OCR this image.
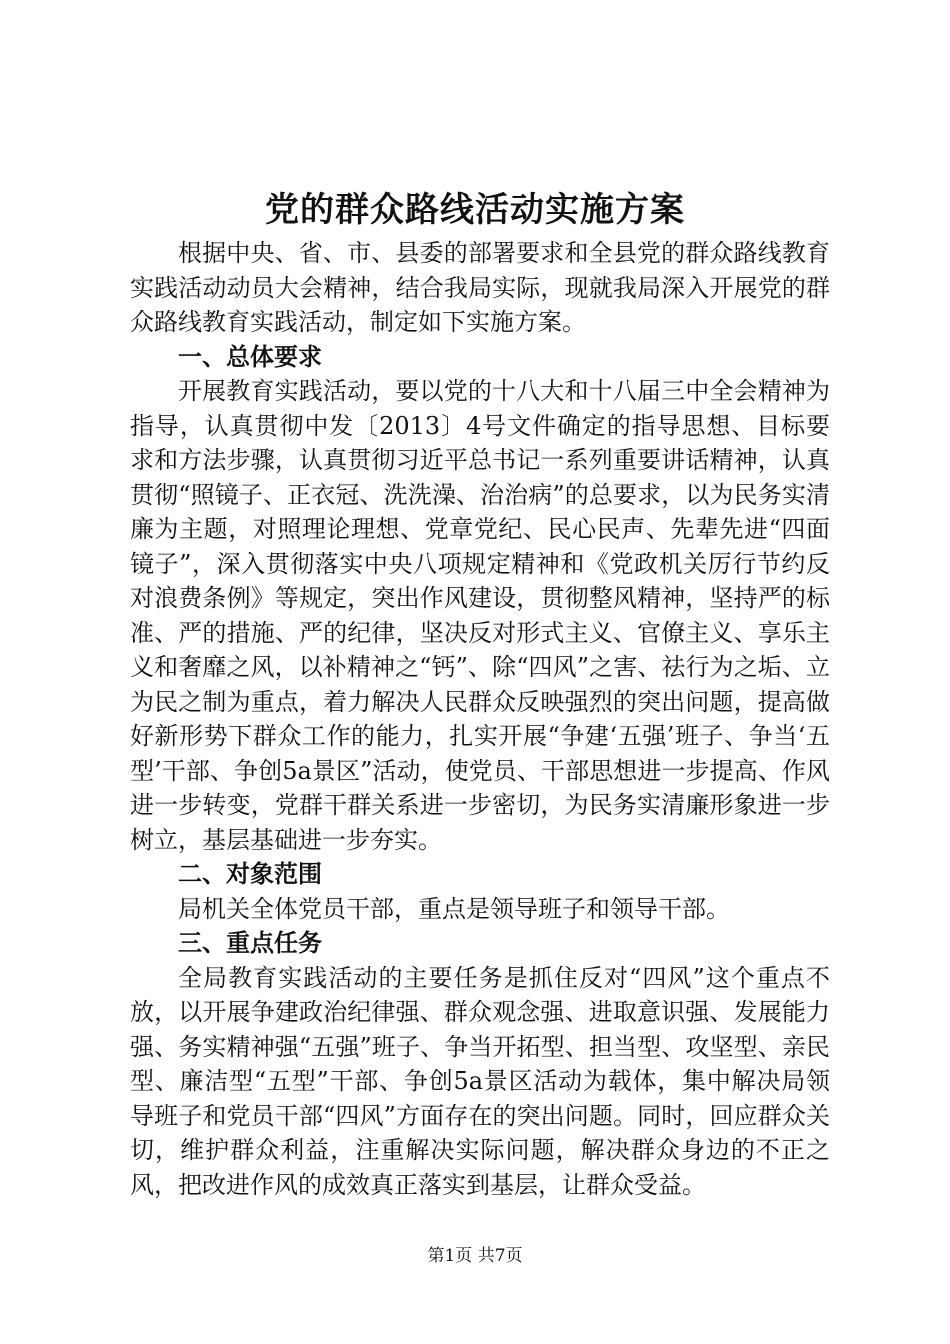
党的群众路线活动实施方案

根据中央、省、市、县委的部署要求和全县党的群众路线教育实践活动动员大会精神，结合我局实际，现就我局深入开展党的群众路线教育实践活动，制定如下实施方案。

一、总体要求

开展教育实践活动，要以党的十八大和十八届三中全会精神为指导，认真贯彻中发〔2013〕4号文件确定的指导思想、目标要求和方法步骤，认真贯彻习近平总书记一系列重要讲话精神，认真贯彻“照镜子、正衣冠、洗洗澡、治治病”的总要求，以为民务实清廉为主题，对照理论理想、党章党纪、民心民声、先辈先进“四面镜子”，深入贯彻落实中央八项规定精神和《党政机关厉行节约反对浪费条例》等规定，突出作风建设，贯彻整风精神，坚持严的标准、严的措施、严的纪律，坚决反对形式主义、官僚主义、享乐主义和奢靡之风，以补精神之“钙”、除“四风”之害、祛行为之垢、立为民之制为重点，着力解决人民群众反映强烈的突出问题，提高做好新形势下群众工作的能力，扎实开展“争建‘五强’班子、争当‘五型’干部、争创5a景区”活动，使党员、干部思想进一步提高、作风进一步转变，党群干群关系进一步密切，为民务实清廉形象进一步树立，基层基础进一步夯实。

二、对象范围

局机关全体党员干部，重点是领导班子和领导干部。

三、重点任务

全局教育实践活动的主要任务是抓住反对“四风”这个重点不放，以开展争建政治纪律强、群众观念强、进取意识强、发展能力强、务实精神强“五强”班子、争当开拓型、担当型、攻坚型、亲民型、廉洁型“五型”干部、争创5a景区活动为载体，集中解决局领导班子和党员干部“四风”方面存在的突出问题。同时，回应群众关切，维护群众利益，注重解决实际问题，解决群众身边的不正之风，把改进作风的成效真正落实到基层，让群众受益。

第1页 共7页
